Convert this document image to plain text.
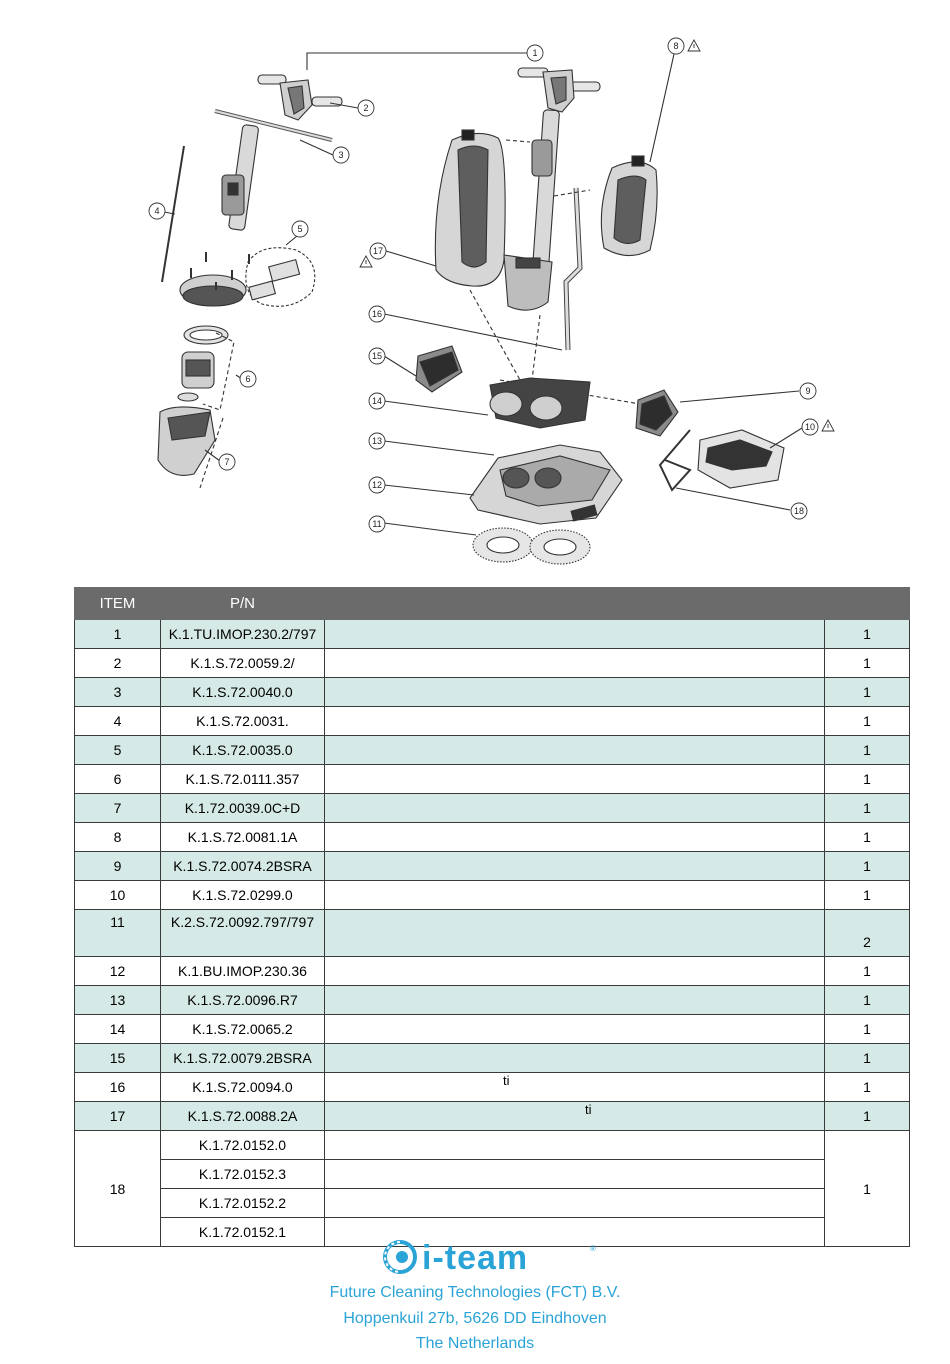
1
2
3
4
5
6
7
8
9
10
11
12
13
14
15
16
17
18
ITEM	P/N		
1	K.1.TU.IMOP.230.2/797		1
2	K.1.S.72.0059.2/		1
3	K.1.S.72.0040.0		1
4	K.1.S.72.0031.		1
5	K.1.S.72.0035.0		1
6	K.1.S.72.0111.357		1
7	K.1.72.0039.0C+D		1
8	K.1.S.72.0081.1A		1
9	K.1.S.72.0074.2BSRA		1
10	K.1.S.72.0299.0		1
11	K.2.S.72.0092.797/797		2
12	K.1.BU.IMOP.230.36		1
13	K.1.S.72.0096.R7		1
14	K.1.S.72.0065.2		1
15	K.1.S.72.0079.2BSRA		1
16	K.1.S.72.0094.0	ti	1
17	K.1.S.72.0088.2A	ti	1
18	K.1.72.0152.0		1
	K.1.72.0152.3		
	K.1.72.0152.2		
	K.1.72.0152.1		
i-team	®
Future Cleaning Technologies (FCT) B.V.
Hoppenkuil 27b, 5626 DD Eindhoven
The Netherlands
